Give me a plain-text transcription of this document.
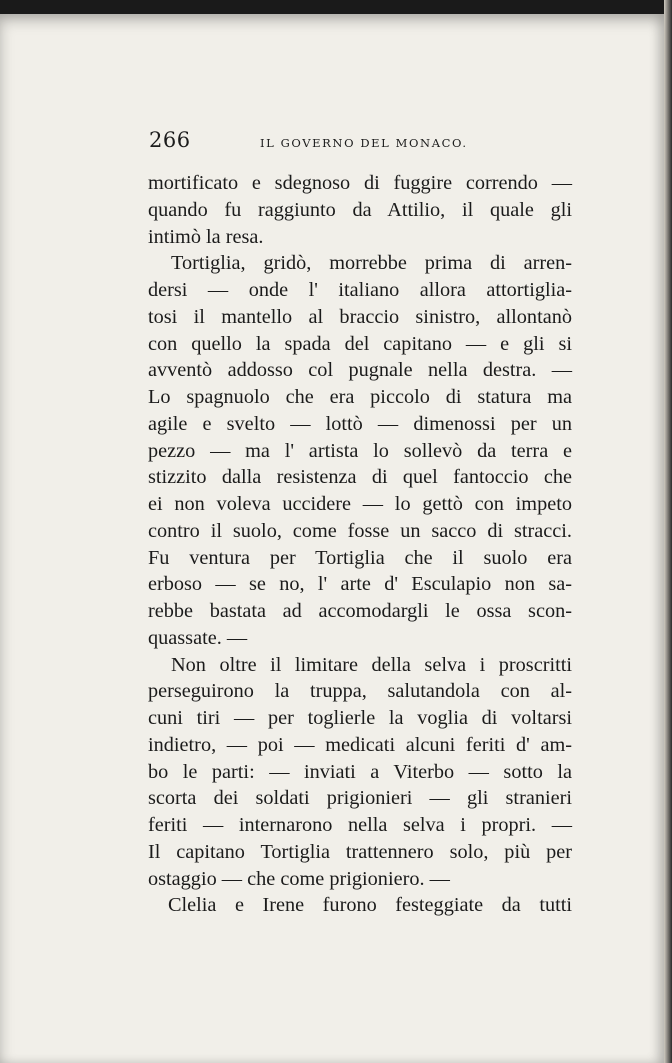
266	IL GOVERNO DEL MONACO.
mortificato e sdegnoso di fuggire correndo —
quando fu raggiunto da Attilio, il quale gli
intimò la resa.
Tortiglia, gridò, morrebbe prima di arren-
dersi — onde l' italiano allora attortiglia-
tosi il mantello al braccio sinistro, allontanò
con quello la spada del capitano — e gli si
avventò addosso col pugnale nella destra. —
Lo spagnuolo che era piccolo di statura ma
agile e svelto — lottò — dimenossi per un
pezzo — ma l' artista lo sollevò da terra e
stizzito dalla resistenza di quel fantoccio che
ei non voleva uccidere — lo gettò con impeto
contro il suolo, come fosse un sacco di stracci.
Fu ventura per Tortiglia che il suolo era
erboso — se no, l' arte d' Esculapio non sa-
rebbe bastata ad accomodargli le ossa scon-
quassate. —
Non oltre il limitare della selva i proscritti
perseguirono la truppa, salutandola con al-
cuni tiri — per toglierle la voglia di voltarsi
indietro, — poi — medicati alcuni feriti d' am-
bo le parti: — inviati a Viterbo — sotto la
scorta dei soldati prigionieri — gli stranieri
feriti — internarono nella selva i propri. —
Il capitano Tortiglia trattennero solo, più per
ostaggio — che come prigioniero. —
Clelia e Irene furono festeggiate da tutti
